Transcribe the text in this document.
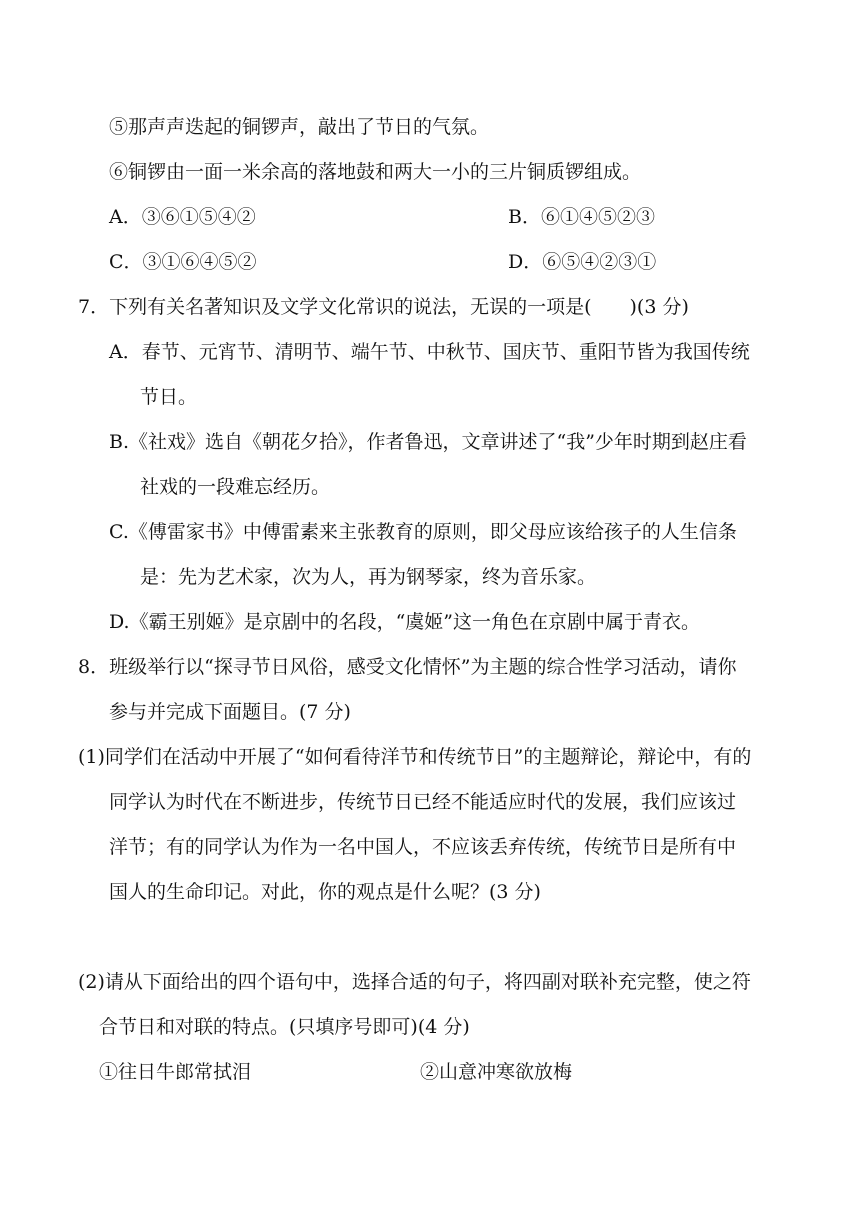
⑤那声声迭起的铜锣声，敲出了节日的气氛。
⑥铜锣由一面一米余高的落地鼓和两大一小的三片铜质锣组成。
A．③⑥①⑤④②	B．⑥①④⑤②③
C．③①⑥④⑤②	D．⑥⑤④②③①
7．下列有关名著知识及文学文化常识的说法，无误的一项是(　　)(3 分)
A．春节、元宵节、清明节、端午节、中秋节、国庆节、重阳节皆为我国传统
节日。
B.《社戏》选自《朝花夕拾》，作者鲁迅，文章讲述了“我”少年时期到赵庄看
社戏的一段难忘经历。
C.《傅雷家书》中傅雷素来主张教育的原则，即父母应该给孩子的人生信条
是：先为艺术家，次为人，再为钢琴家，终为音乐家。
D.《霸王别姬》是京剧中的名段，“虞姬”这一角色在京剧中属于青衣。
8．班级举行以“探寻节日风俗，感受文化情怀”为主题的综合性学习活动，请你
参与并完成下面题目。(7 分)
(1)同学们在活动中开展了“如何看待洋节和传统节日”的主题辩论，辩论中，有的
同学认为时代在不断进步，传统节日已经不能适应时代的发展，我们应该过
洋节；有的同学认为作为一名中国人，不应该丢弃传统，传统节日是所有中
国人的生命印记。对此，你的观点是什么呢？(3 分)
(2)请从下面给出的四个语句中，选择合适的句子，将四副对联补充完整，使之符
合节日和对联的特点。(只填序号即可)(4 分)
①往日牛郎常拭泪	②山意冲寒欲放梅
